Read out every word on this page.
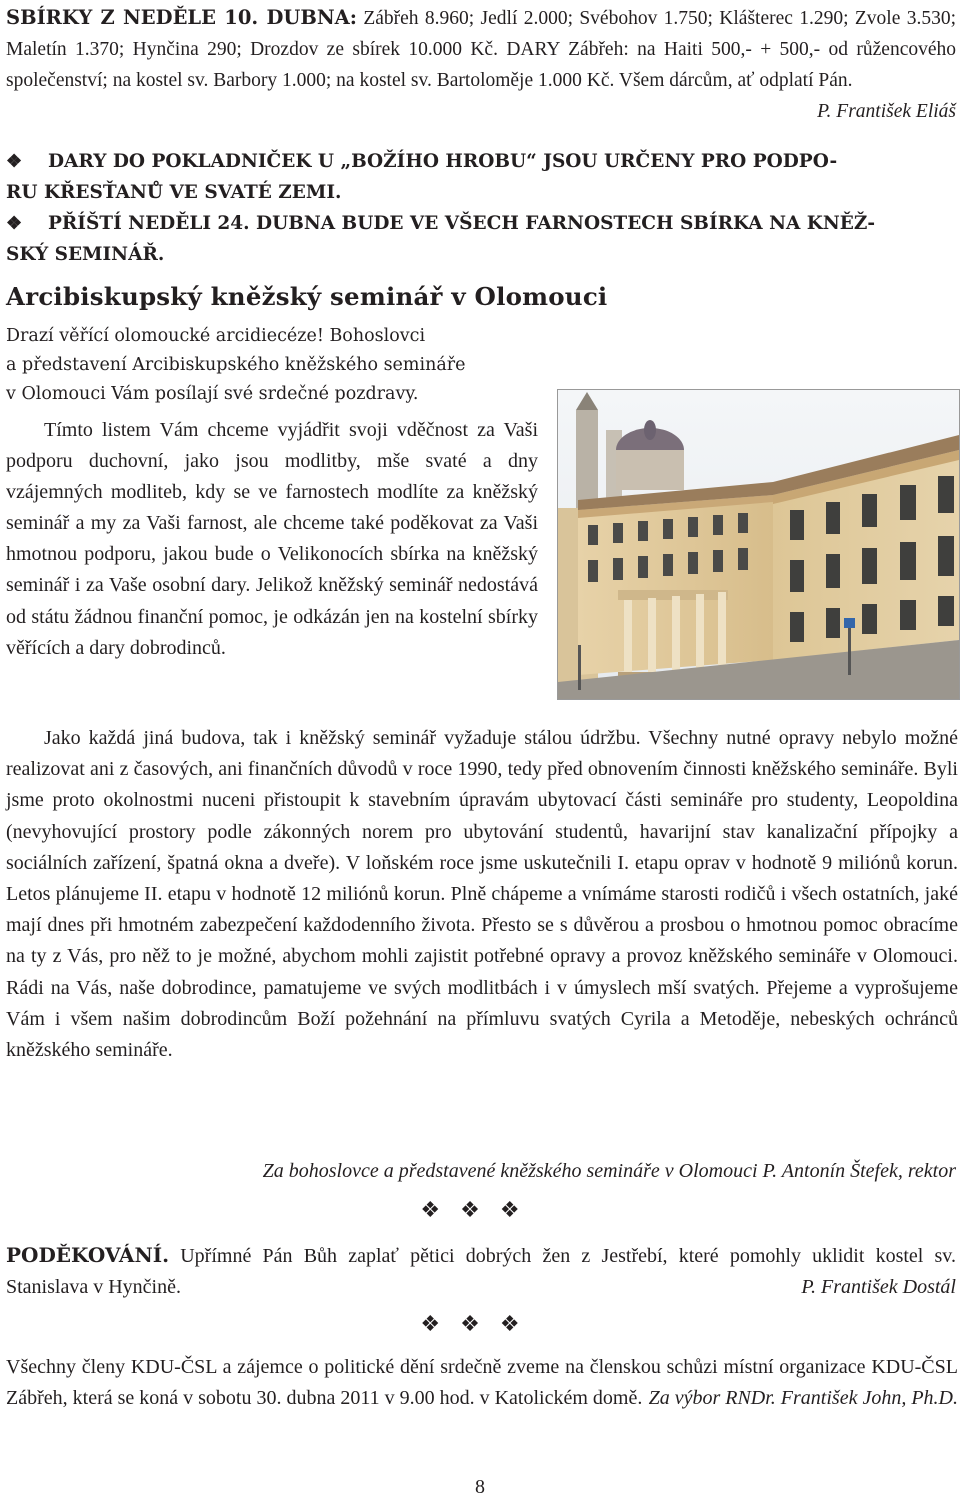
SBÍRKY Z NEDĚLE 10. DUBNA: Zábřeh 8.960; Jedlí 2.000; Svébohov 1.750; Klášterec 1.290; Zvole 3.530; Maletín 1.370; Hynčina 290; Drozdov ze sbírek 10.000 Kč. DARY Zábřeh: na Haiti 500,- + 500,- od růžencového společenství; na kostel sv. Barbory 1.000; na kostel sv. Bartoloměje 1.000 Kč. Všem dárcům, ať odplatí Pán.
P. František Eliáš

❖ DARY DO POKLADNIČEK U „BOŽÍHO HROBU“ JSOU URČENY PRO PODPO-
RU KŘESŤANŮ VE SVATÉ ZEMI.
❖ PŘÍŠTÍ NEDĚLI 24. DUBNA BUDE VE VŠECH FARNOSTECH SBÍRKA NA KNĚŽ-
SKÝ SEMINÁŘ.
Arcibiskupský kněžský seminář v Olomouci
Drazí věřící olomoucké arcidiecéze! Bohoslovci
a představení Arcibiskupského kněžského semináře
v Olomouci Vám posílají své srdečné pozdravy.

Tímto listem Vám chceme vyjádřit svoji vděčnost za Vaši podporu duchovní, jako jsou modlitby, mše svaté a dny vzájemných modliteb, kdy se ve farnostech modlíte za kněžský seminář a my za Vaši farnost, ale chceme také poděkovat za Vaši hmotnou podporu, jakou bude o Velikonocích sbírka na kněžský seminář i za Vaše osobní dary. Jelikož kněžský seminář nedostává od státu žádnou finanční pomoc, je odkázán jen na kostelní sbírky věřících a dary dobrodinců.

Jako každá jiná budova, tak i kněžský seminář vyžaduje stálou údržbu. Všechny nutné opravy nebylo možné realizovat ani z časových, ani finančních důvodů v roce 1990, tedy před obnovením činnosti kněžského semináře. Byli jsme proto okolnostmi nuceni přistoupit k stavebním úpravám ubytovací části semináře pro studenty, Leopoldina (nevyhovující prostory podle zákonných norem pro ubytování studentů, havarijní stav kanalizační přípojky a sociálních zařízení, špatná okna a dveře). V loňském roce jsme uskutečnili I. etapu oprav v hodnotě 9 miliónů korun. Letos plánujeme II. etapu v hodnotě 12 miliónů korun. Plně chápeme a vnímáme starosti rodičů i všech ostatních, jaké mají dnes při hmotném zabezpečení každodenního života. Přesto se s důvěrou a prosbou o hmotnou pomoc obracíme na ty z Vás, pro něž to je možné, abychom mohli zajistit potřebné opravy a provoz kněžského semináře v Olomouci. Rádi na Vás, naše dobrodince, pamatujeme ve svých modlitbách i v úmyslech mší svatých. Přejeme a vyprošujeme Vám i všem našim dobrodincům Boží požehnání na přímluvu svatých Cyrila a Metoděje, nebeských ochránců kněžského semináře.

Za bohoslovce a představené kněžského semináře v Olomouci P. Antonín Štefek, rektor
❖❖❖

PODĚKOVÁNÍ. Upřímné Pán Bůh zaplať pětici dobrých žen z Jestřebí, které pomohly uklidit kostel sv. Stanislava v Hynčině.	P. František Dostál

❖❖❖

Všechny členy KDU-ČSL a zájemce o politické dění srdečně zveme na členskou schůzi místní organizace KDU-ČSL Zábřeh, která se koná v sobotu 30. dubna 2011 v 9.00 hod. v Katolickém domě. Za výbor RNDr. František John, Ph.D.

8
